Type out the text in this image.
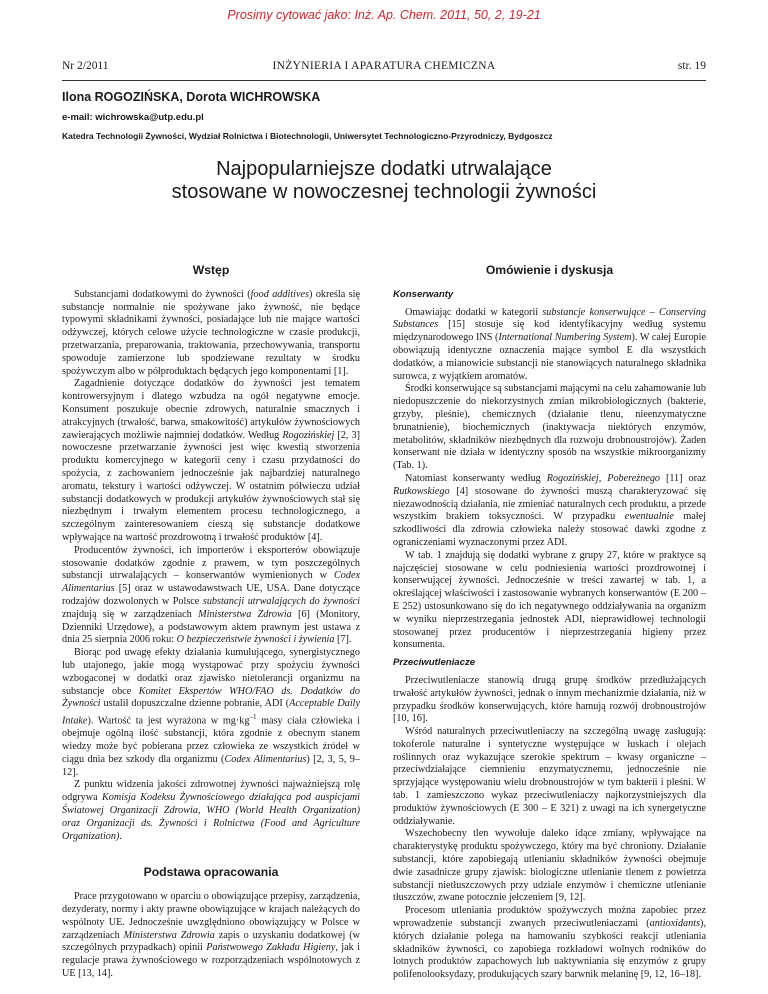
Prosimy cytować jako: Inż. Ap. Chem. 2011, 50, 2, 19-21
Nr 2/2011	INŻYNIERIA I APARATURA CHEMICZNA	str. 19
Ilona ROGOZIŃSKA, Dorota WICHROWSKA
e-mail: wichrowska@utp.edu.pl
Katedra Technologii Żywności, Wydział Rolnictwa i Biotechnologii, Uniwersytet Technologiczno-Przyrodniczy, Bydgoszcz
Najpopularniejsze dodatki utrwalające
stosowane w nowoczesnej technologii żywności
Wstęp

Substancjami dodatkowymi do żywności (food additives) określa się substancje normalnie nie spożywane jako żywność, nie będące typowymi składnikami żywności, posiadające lub nie mające wartości odżywczej, których celowe użycie technologiczne w czasie produkcji, przetwarzania, preparowania, traktowania, przechowywania, transportu spowoduje zamierzone lub spodziewane rezultaty w środku spożywczym albo w półproduktach będących jego komponentami [1].

Zagadnienie dotyczące dodatków do żywności jest tematem kontrowersyjnym i dlatego wzbudza na ogół negatywne emocje. Konsument poszukuje obecnie zdrowych, naturalnie smacznych i atrakcyjnych (trwałość, barwa, smakowitość) artykułów żywnościowych zawierających możliwie najmniej dodatków. Według Rogozińskiej [2, 3] nowoczesne przetwarzanie żywności jest więc kwestią stworzenia produktu komercyjnego w kategorii ceny i czasu przydatności do spożycia, z zachowaniem jednocześnie jak najbardziej naturalnego aromatu, tekstury i wartości odżywczej. W ostatnim półwieczu udział substancji dodatkowych w produkcji artykułów żywnościowych stał się niezbędnym i trwałym elementem procesu technologicznego, a szczególnym zainteresowaniem cieszą się substancje dodatkowe wpływające na wartość prozdrowotną i trwałość produktów [4].

Producentów żywności, ich importerów i eksporterów obowiązuje stosowanie dodatków zgodnie z prawem, w tym poszczególnych substancji utrwalających – konserwantów wymienionych w Codex Alimentarius [5] oraz w ustawodawstwach UE, USA. Dane dotyczące rodzajów dozwolonych w Polsce substancji utrwalających do żywności znajdują się w zarządzeniach Ministerstwa Zdrowia [6] (Monitory, Dzienniki Urzędowe), a podstawowym aktem prawnym jest ustawa z dnia 25 sierpnia 2006 roku: O bezpieczeństwie żywności i żywienia [7].

Biorąc pod uwagę efekty działania kumulującego, synergistycznego lub utajonego, jakie mogą wystąpować przy spożyciu żywności wzbogaconej w dodatki oraz zjawisko nietolerancji organizmu na substancje obce Komitet Ekspertów WHO/FAO ds. Dodatków do Żywności ustalił dopuszczalne dzienne pobranie, ADI (Acceptable Daily Intake). Wartość ta jest wyrażona w $mg\cdot kg^{-1}$ masy ciała człowieka i obejmuje ogólną ilość substancji, która zgodnie z obecnym stanem wiedzy może być pobierana przez człowieka ze wszystkich źródeł w ciągu dnia bez szkody dla organizmu (Codex Alimentarius) [2, 3, 5, 9–12].

Z punktu widzenia jakości zdrowotnej żywności najważniejszą rolę odgrywa Komisja Kodeksu Żywnościowego działająca pod auspicjami Światowej Organizacji Zdrowia, WHO (World Health Organization) oraz Organizacji ds. Żywności i Rolnictwa (Food and Agriculture Organization).

Podstawa opracowania

Prace przygotowano w oparciu o obowiązujące przepisy, zarządzenia, dezyderaty, normy i akty prawne obowiązujące w krajach należących do wspólnoty UE. Jednocześnie uwzględniono obowiązujący w Polsce w zarządzeniach Ministerstwa Zdrowia zapis o uzyskaniu dodatkowej (w szczególnych przypadkach) opinii Państwowego Zakładu Higieny, jak i regulacje prawa żywnościowego w rozporządzeniach wspólnotowych z UE [13, 14].

Omówienie i dyskusja
Konserwanty

Omawiając dodatki w kategorii substancje konserwujące – Conserving Substances [15] stosuje się kod identyfikacyjny według systemu międzynarodowego INS (International Numbering System). W całej Europie obowiązują identyczne oznaczenia mające symbol E dla wszystkich dodatków, a mianowicie substancji nie stanowiących naturalnego składnika surowca, z wyjątkiem aromatów.

Środki konserwujące są substancjami mającymi na celu zahamowanie lub niedopuszczenie do niekorzystnych zmian mikrobiologicznych (bakterie, grzyby, pleśnie), chemicznych (działanie tlenu, nieenzymatyczne brunatnienie), biochemicznych (inaktywacja niektórych enzymów, metabolitów, składników niezbędnych dla rozwoju drobnoustrojów). Żaden konserwant nie działa w identyczny sposób na wszystkie mikroorganizmy (Tab. 1).

Natomiast konserwanty według Rogozińskiej, Pobereżnego [11] oraz Rutkowskiego [4] stosowane do żywności muszą charakteryzować się niezawodnością działania, nie zmieniać naturalnych cech produktu, a przede wszystkim brakiem toksyczności. W przypadku ewentualnie małej szkodliwości dla zdrowia człowieka należy stosować dawki zgodne z ograniczeniami wyznaczonymi przez ADI.

W tab. 1 znajdują się dodatki wybrane z grupy 27, które w praktyce są najczęściej stosowane w celu podniesienia wartości prozdrowotnej i konserwującej żywności. Jednocześnie w treści zawartej w tab. 1, a określającej właściwości i zastosowanie wybranych konserwantów (E 200 – E 252) ustosunkowano się do ich negatywnego oddziaływania na organizm w wyniku nieprzestrzegania jednostek ADI, nieprawidłowej technologii stosowanej przez producentów i nieprzestrzegania higieny przez konsumenta.

Przeciwutleniacze

Przeciwutleniacze stanowią drugą grupę środków przedłużających trwałość artykułów żywności, jednak o innym mechanizmie działania, niż w przypadku środków konserwujących, które hamują rozwój drobnoustrojów [10, 16].

Wśród naturalnych przeciwutleniaczy na szczególną uwagę zasługują: tokoferole naturalne i syntetyczne występujące w łuskach i olejach roślinnych oraz wykazujące szerokie spektrum – kwasy organiczne – przeciwdziałające ciemnieniu enzymatycznemu, jednocześnie nie sprzyjające występowaniu wielu drobnoustrojów w tym bakterii i pleśni. W tab. 1 zamieszczono wykaz przeciwutleniaczy najkorzystniejszych dla produktów żywnościowych (E 300 – E 321) z uwagi na ich synergetyczne oddziaływanie.

Wszechobecny tlen wywołuje daleko idące zmiany, wpływające na charakterystykę produktu spożywczego, który ma być chroniony. Działanie substancji, które zapobiegają utlenianiu składników żywności obejmuje dwie zasadnicze grupy zjawisk: biologiczne utlenianie tlenem z powietrza substancji nietłuszczowych przy udziale enzymów i chemiczne utlenianie tłuszczów, zwane potocznie jełczeniem [9, 12].

Procesom utleniania produktów spożywczych można zapobiec przez wprowadzenie substancji zwanych przeciwutleniaczami (antioxidants), których działanie polega na hamowaniu szybkości reakcji utleniania składników żywności, co zapobiega rozkładowi wolnych rodników do lotnych produktów zapachowych lub uaktywniania się enzymów z grupy polifenolooksydazy, produkujących szary barwnik melaninę [9, 12, 16–18].
